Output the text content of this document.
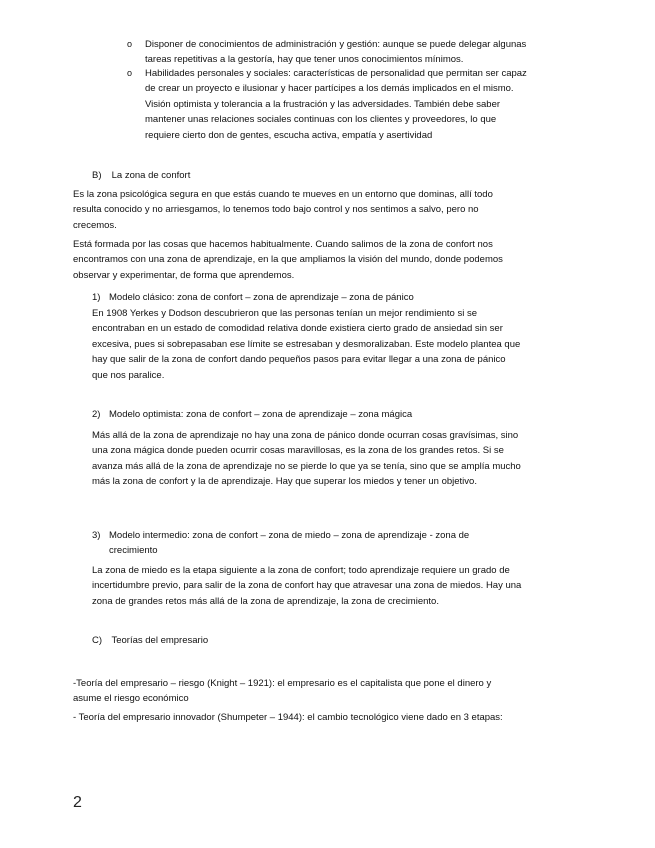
o Disponer de conocimientos de administración y gestión: aunque se puede delegar algunas tareas repetitivas a la gestoría, hay que tener unos conocimientos mínimos.
o Habilidades personales y sociales: características de personalidad que permitan ser capaz de crear un proyecto e ilusionar y hacer partícipes a los demás implicados en el mismo. Visión optimista y tolerancia a la frustración y las adversidades. También debe saber mantener unas relaciones sociales continuas con los clientes y proveedores, lo que requiere cierto don de gentes, escucha activa, empatía y asertividad
B) La zona de confort

Es la zona psicológica segura en que estás cuando te mueves en un entorno que dominas, allí todo resulta conocido y no arriesgamos, lo tenemos todo bajo control y nos sentimos a salvo, pero no crecemos.

Está formada por las cosas que hacemos habitualmente. Cuando salimos de la zona de confort nos encontramos con una zona de aprendizaje, en la que ampliamos la visión del mundo, donde podemos observar y experimentar, de forma que aprendemos.

1) Modelo clásico: zona de confort – zona de aprendizaje – zona de pánico

En 1908 Yerkes y Dodson descubrieron que las personas tenían un mejor rendimiento si se encontraban en un estado de comodidad relativa donde existiera cierto grado de ansiedad sin ser excesiva, pues si sobrepasaban ese límite se estresaban y desmoralizaban. Este modelo plantea que hay que salir de la zona de confort dando pequeños pasos para evitar llegar a una zona de pánico que nos paralice.

2) Modelo optimista: zona de confort – zona de aprendizaje – zona mágica

Más allá de la zona de aprendizaje no hay una zona de pánico donde ocurran cosas gravísimas, sino una zona mágica donde pueden ocurrir cosas maravillosas, es la zona de los grandes retos. Si se avanza más allá de la zona de aprendizaje no se pierde lo que ya se tenía, sino que se amplía mucho más la zona de confort y la de aprendizaje. Hay que superar los miedos y tener un objetivo.

3) Modelo intermedio: zona de confort – zona de miedo – zona de aprendizaje - zona de crecimiento

La zona de miedo es la etapa siguiente a la zona de confort; todo aprendizaje requiere un grado de incertidumbre previo, para salir de la zona de confort hay que atravesar una zona de miedos. Hay una zona de grandes retos más allá de la zona de aprendizaje, la zona de crecimiento.

C) Teorías del empresario

-Teoría del empresario – riesgo (Knight – 1921): el empresario es el capitalista que pone el dinero y asume el riesgo económico

- Teoría del empresario innovador (Shumpeter – 1944): el cambio tecnológico viene dado en 3 etapas:

2
